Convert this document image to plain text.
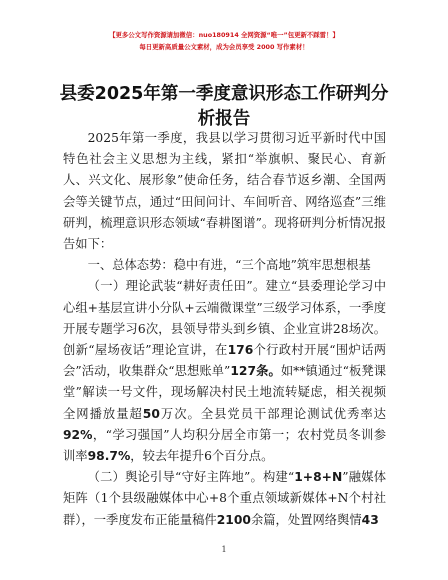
【更多公文写作资源请加微信：nuo180914 全网资源“唯一”包更新不踩雷！】
每日更新高质量公文素材，成为会员享受 2000 写作素材！
县委2025年第一季度意识形态工作研判分析报告

2025年第一季度，我县以学习贯彻习近平新时代中国特色社会主义思想为主线，紧扣“举旗帜、聚民心、育新人、兴文化、展形象”使命任务，结合春节返乡潮、全国两会等关键节点，通过“田间问计、车间听音、网络巡查”三维研判，梳理意识形态领域“春耕图谱”。现将研判分析情况报告如下：

一、总体态势：稳中有进，“三个高地”筑牢思想根基

（一）理论武装“耕好责任田”。建立“县委理论学习中心组+基层宣讲小分队+云端微课堂”三级学习体系，一季度开展专题学习6次，县领导带头到乡镇、企业宣讲28场次。创新“屋场夜话”理论宣讲，在176个行政村开展“围炉话两会”活动，收集群众“思想账单”127条。如**镇通过“板凳课堂”解读一号文件，现场解决村民土地流转疑虑，相关视频全网播放量超50万次。全县党员干部理论测试优秀率达92%，“学习强国”人均积分居全市第一；农村党员冬训参训率98.7%，较去年提升6个百分点。

（二）舆论引导“守好主阵地”。构建“1+8+N”融媒体矩阵（1个县级融媒体中心+8个重点领域新媒体+N个村社群），一季度发布正能量稿件2100余篇，处置网络舆情43

1
